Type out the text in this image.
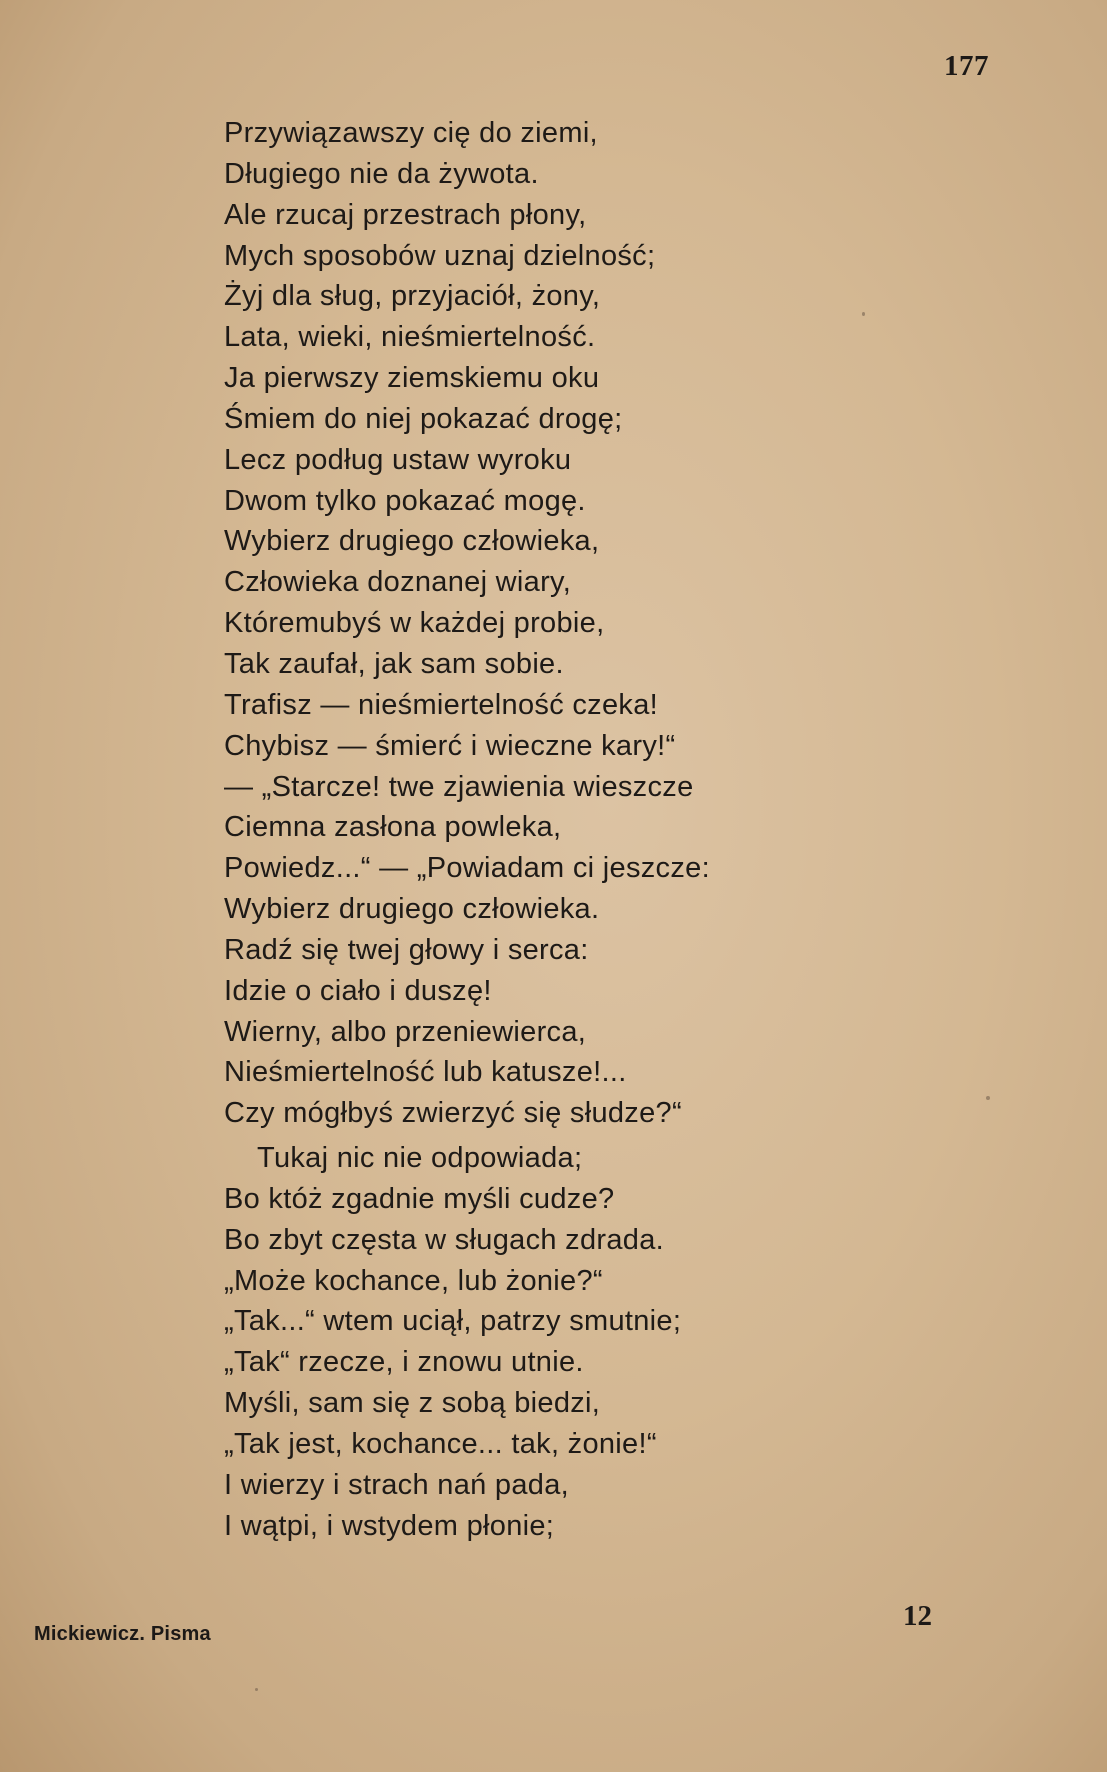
177

Przywiązawszy cię do ziemi,
Długiego nie da żywota.
Ale rzucaj przestrach płony,
Mych sposobów uznaj dzielność;
Żyj dla sług, przyjaciół, żony,
Lata, wieki, nieśmiertelność.
Ja pierwszy ziemskiemu oku
Śmiem do niej pokazać drogę;
Lecz podług ustaw wyroku
Dwom tylko pokazać mogę.
Wybierz drugiego człowieka,
Człowieka doznanej wiary,
Któremubyś w każdej probie,
Tak zaufał, jak sam sobie.
Trafisz — nieśmiertelność czeka!
Chybisz — śmierć i wieczne kary!“
— „Starcze! twe zjawienia wieszcze
Ciemna zasłona powleka,
Powiedz...“ — „Powiadam ci jeszcze:
Wybierz drugiego człowieka.
Radź się twej głowy i serca:
Idzie o ciało i duszę!
Wierny, albo przeniewierca,
Nieśmiertelność lub katusze!...
Czy mógłbyś zwierzyć się słudze?“
Tukaj nic nie odpowiada;
Bo któż zgadnie myśli cudze?
Bo zbyt częsta w sługach zdrada.
„Może kochance, lub żonie?“
„Tak...“ wtem uciął, patrzy smutnie;
„Tak“ rzecze, i znowu utnie.
Myśli, sam się z sobą biedzi,
„Tak jest, kochance... tak, żonie!“
I wierzy i strach nań pada,
I wątpi, i wstydem płonie;

Mickiewicz. Pisma

12
